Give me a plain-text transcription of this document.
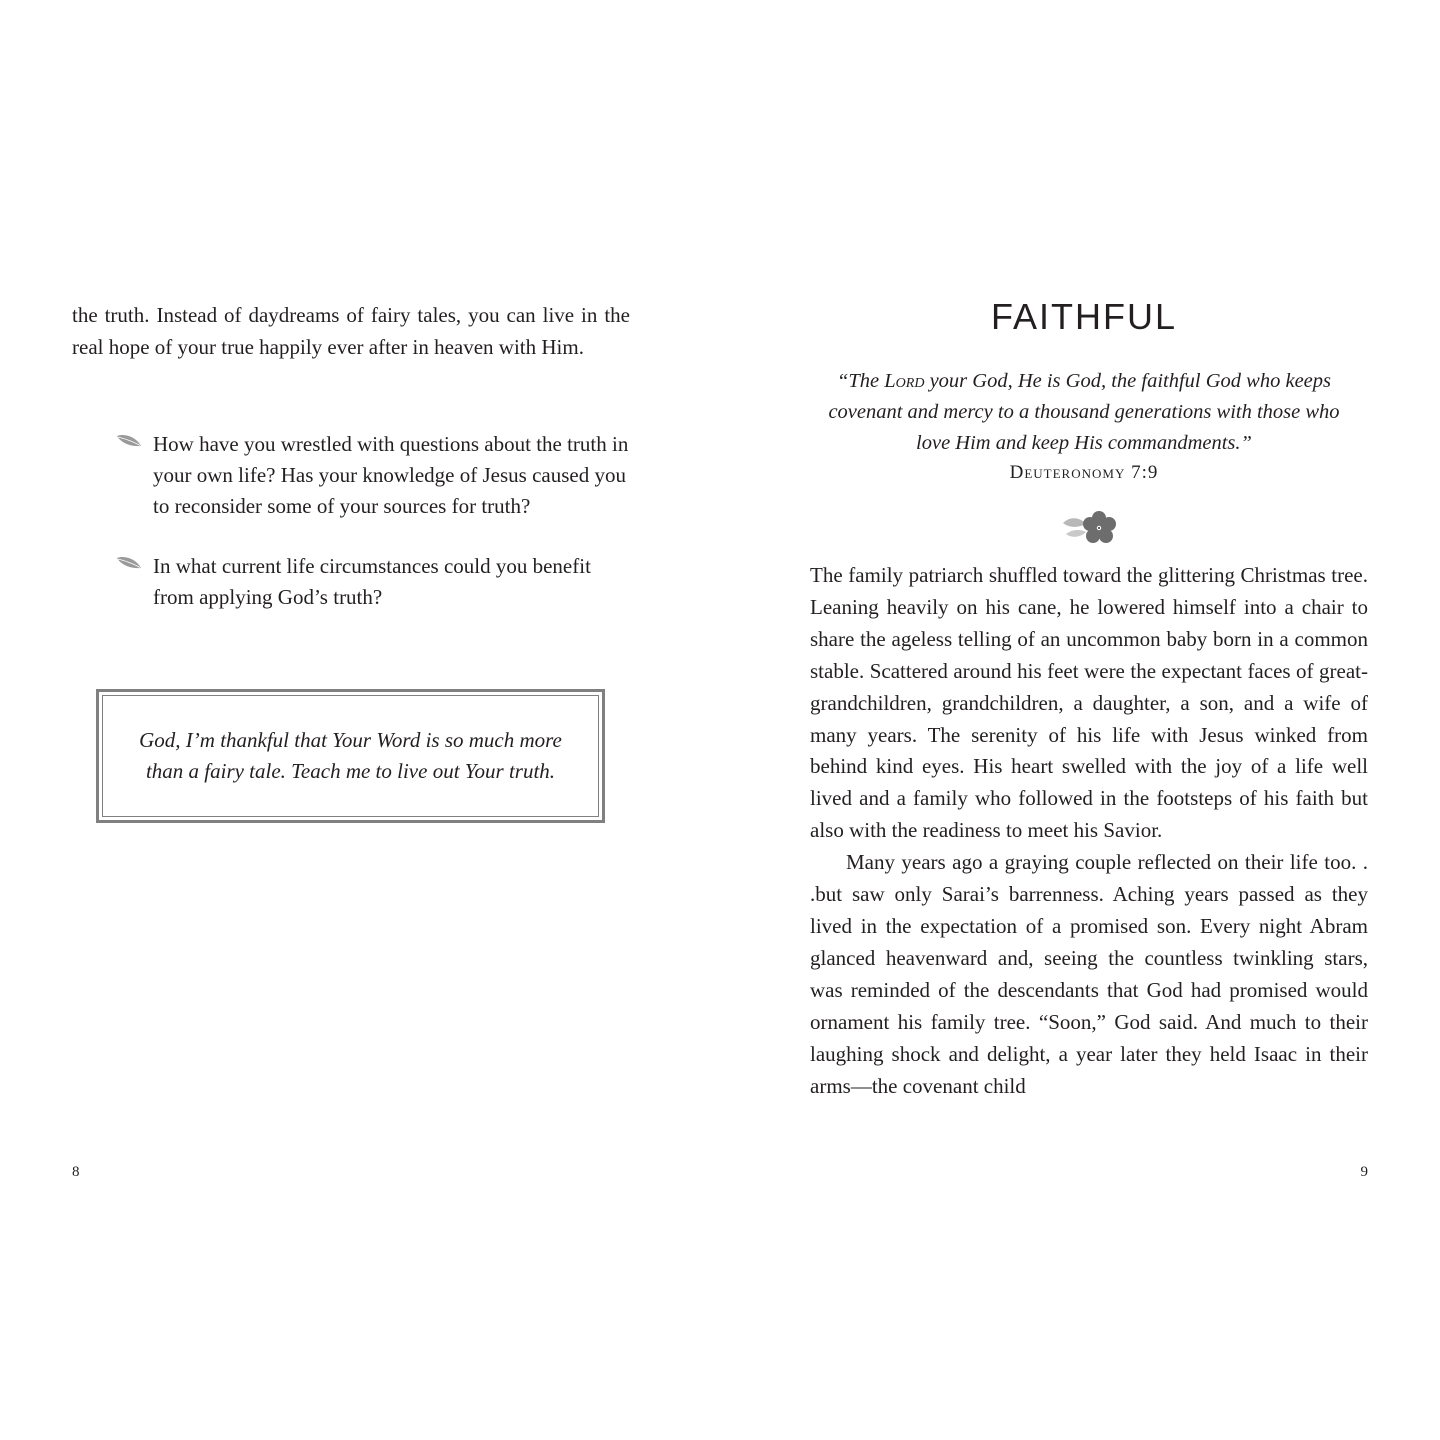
the truth. Instead of daydreams of fairy tales, you can live in the real hope of your true happily ever after in heaven with Him.

How have you wrestled with questions about the truth in your own life? Has your knowledge of Jesus caused you to reconsider some of your sources for truth?
In what current life circumstances could you benefit from applying God’s truth?
God, I’m thankful that Your Word is so much more than a fairy tale. Teach me to live out Your truth.
8
FAITHFUL

“The Lord your God, He is God, the faithful God who keeps covenant and mercy to a thousand generations with those who love Him and keep His commandments.”

Deuteronomy 7:9

The family patriarch shuffled toward the glittering Christmas tree. Leaning heavily on his cane, he lowered himself into a chair to share the ageless telling of an uncommon baby born in a common stable. Scattered around his feet were the expectant faces of great-grandchildren, grandchildren, a daughter, a son, and a wife of many years. The serenity of his life with Jesus winked from behind kind eyes. His heart swelled with the joy of a life well lived and a family who followed in the footsteps of his faith but also with the readiness to meet his Savior.

Many years ago a graying couple reflected on their life too. . .but saw only Sarai’s barrenness. Aching years passed as they lived in the expectation of a promised son. Every night Abram glanced heavenward and, seeing the countless twinkling stars, was reminded of the descendants that God had promised would ornament his family tree. “Soon,” God said. And much to their laughing shock and delight, a year later they held Isaac in their arms—the covenant child

9
